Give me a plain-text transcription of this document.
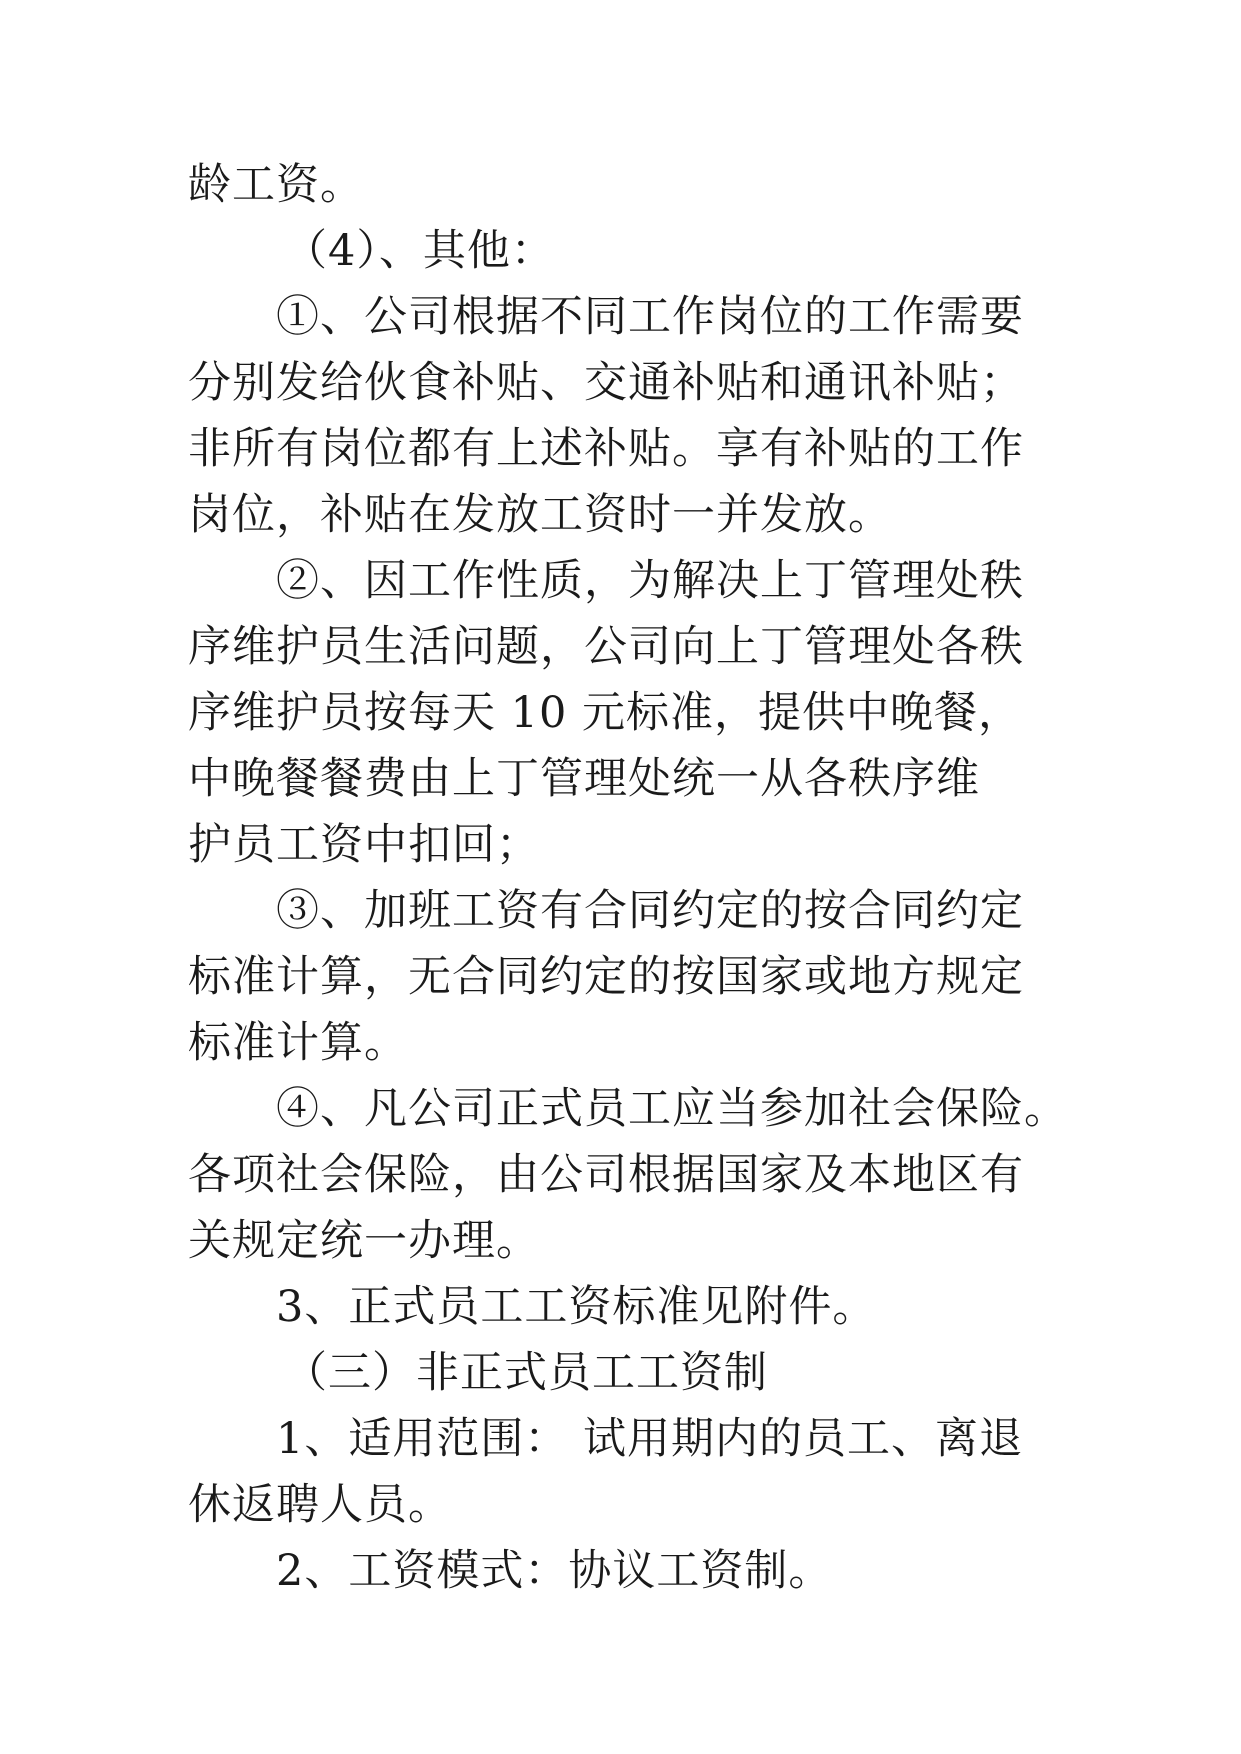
龄工资。

（4）、其他：

①、公司根据不同工作岗位的工作需要

分别发给伙食补贴、交通补贴和通讯补贴；

非所有岗位都有上述补贴。享有补贴的工作

岗位，补贴在发放工资时一并发放。

②、因工作性质，为解决上丁管理处秩

序维护员生活问题，公司向上丁管理处各秩

序维护员按每天 10 元标准，提供中晚餐，

中晚餐餐费由上丁管理处统一从各秩序维

护员工资中扣回；

③、加班工资有合同约定的按合同约定

标准计算，无合同约定的按国家或地方规定

标准计算。

④、凡公司正式员工应当参加社会保险。

各项社会保险，由公司根据国家及本地区有

关规定统一办理。

3、正式员工工资标准见附件。

（三）非正式员工工资制

1、适用范围： 试用期内的员工、离退

休返聘人员。

2、工资模式：协议工资制。
